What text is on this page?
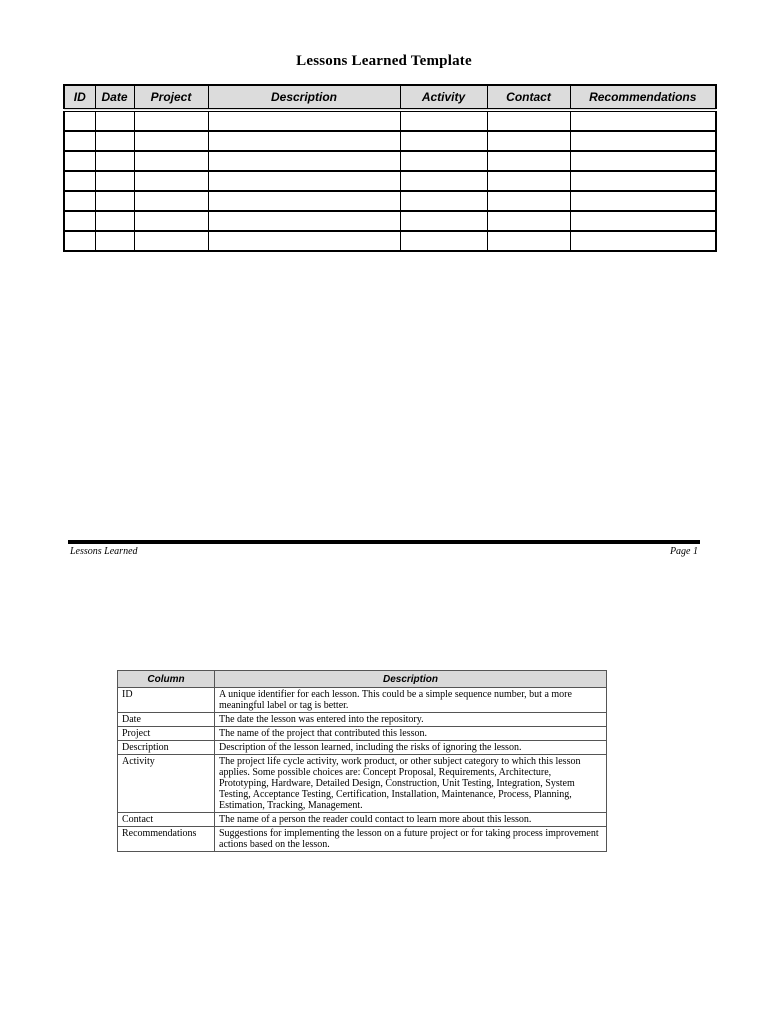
Lessons Learned Template
ID	Date	Project	Description	Activity	Contact	Recommendations

Lessons Learned	Page 1
Column	Description
ID	A unique identifier for each lesson. This could be a simple sequence number, but a more meaningful label or tag is better.
Date	The date the lesson was entered into the repository.
Project	The name of the project that contributed this lesson.
Description	Description of the lesson learned, including the risks of ignoring the lesson.
Activity	The project life cycle activity, work product, or other subject category to which this lesson applies. Some possible choices are: Concept Proposal, Requirements, Architecture, Prototyping, Hardware, Detailed Design, Construction, Unit Testing, Integration, System Testing, Acceptance Testing, Certification, Installation, Maintenance, Process, Planning, Estimation, Tracking, Management.
Contact	The name of a person the reader could contact to learn more about this lesson.
Recommendations	Suggestions for implementing the lesson on a future project or for taking process improvement actions based on the lesson.
